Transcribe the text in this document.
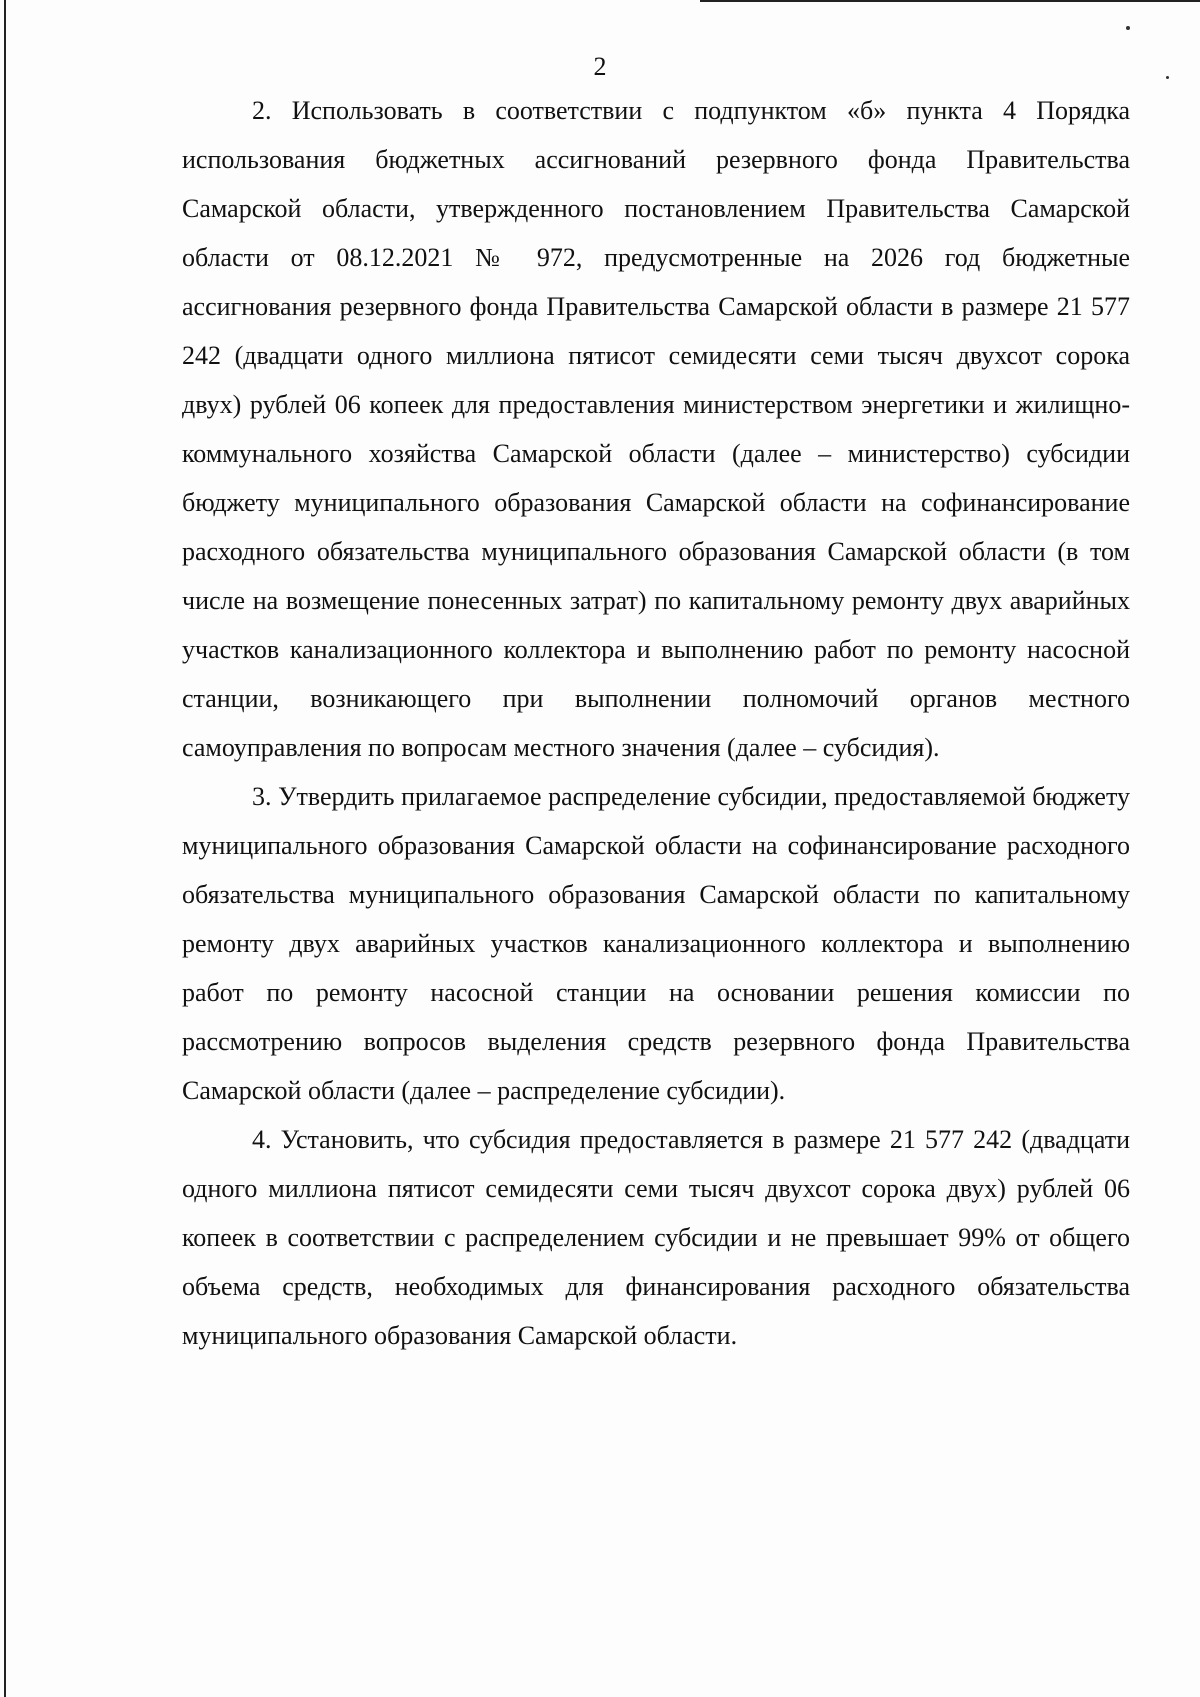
2

2. Использовать в соответствии с подпунктом «б» пункта 4 Порядка использования бюджетных ассигнований резервного фонда Правительства Самарской области, утвержденного постановлением Правительства Самарской области от 08.12.2021 № 972, предусмотренные на 2026 год бюджетные ассигнования резервного фонда Правительства Самарской области в размере 21 577 242 (двадцати одного миллиона пятисот семидесяти семи тысяч двухсот сорока двух) рублей 06 копеек для предоставления министерством энергетики и жилищно-коммунального хозяйства Самарской области (далее – министерство) субсидии бюджету муниципального образования Самарской области на софинансирование расходного обязательства муниципального образования Самарской области (в том числе на возмещение понесенных затрат) по капитальному ремонту двух аварийных участков канализационного коллектора и выполнению работ по ремонту насосной станции, возникающего при выполнении полномочий органов местного самоуправления по вопросам местного значения (далее – субсидия).

3. Утвердить прилагаемое распределение субсидии, предоставляемой бюджету муниципального образования Самарской области на софинансирование расходного обязательства муниципального образования Самарской области по капитальному ремонту двух аварийных участков канализационного коллектора и выполнению работ по ремонту насосной станции на основании решения комиссии по рассмотрению вопросов выделения средств резервного фонда Правительства Самарской области (далее – распределение субсидии).

4. Установить, что субсидия предоставляется в размере 21 577 242 (двадцати одного миллиона пятисот семидесяти семи тысяч двухсот сорока двух) рублей 06 копеек в соответствии с распределением субсидии и не превышает 99% от общего объема средств, необходимых для финансирования расходного обязательства муниципального образования Самарской области.
